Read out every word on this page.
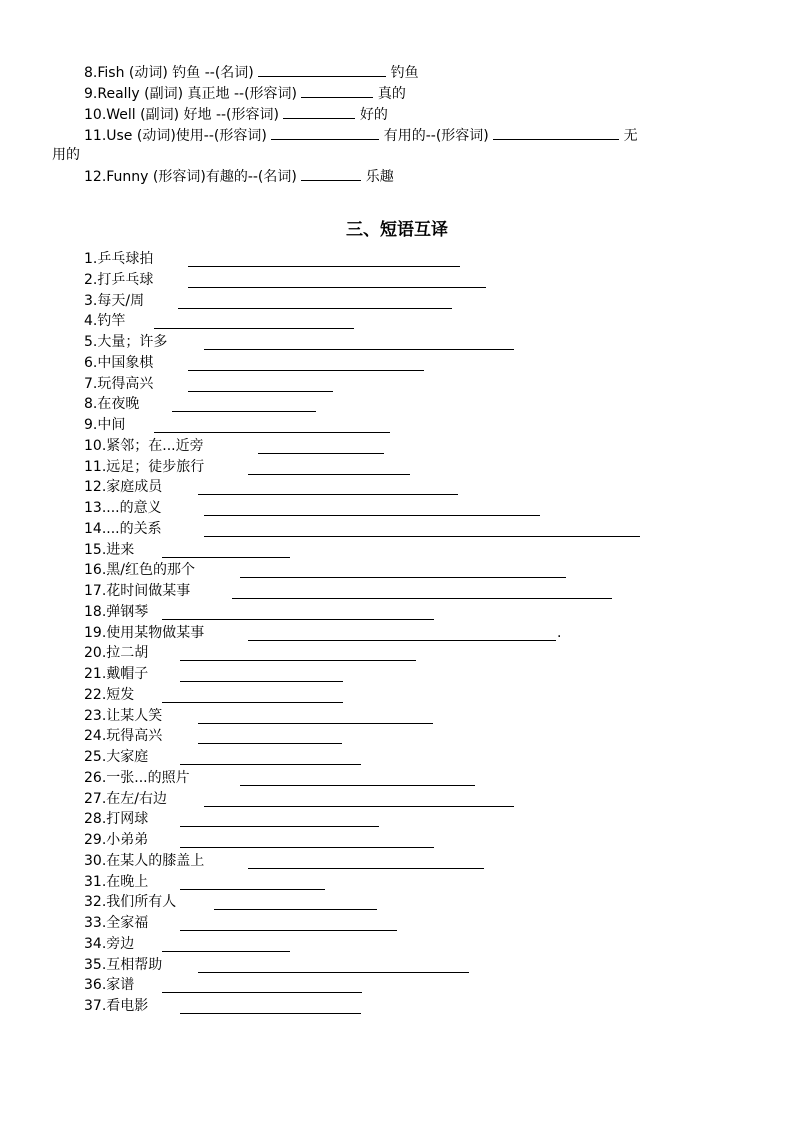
8.Fish (动词) 钓鱼 --(名词)	钓鱼
9.Really (副词) 真正地 --(形容词)	真的
10.Well (副词) 好地 --(形容词)	好的
11.Use (动词)使用--(形容词)	有用的--(形容词)	无
用的
12.Funny (形容词)有趣的--(名词)	乐趣
三、短语互译
1.乒乓球拍
2.打乒乓球
3.每天/周
4.钓竿
5.大量；许多
6.中国象棋
7.玩得高兴
8.在夜晚
9.中间
10.紧邻；在...近旁
11.远足；徒步旅行
12.家庭成员
13....的意义
14....的关系
15.进来
16.黑/红色的那个
17.花时间做某事
18.弹钢琴
19.使用某物做某事	.
20.拉二胡
21.戴帽子
22.短发
23.让某人笑
24.玩得高兴
25.大家庭
26.一张...的照片
27.在左/右边
28.打网球
29.小弟弟
30.在某人的膝盖上
31.在晚上
32.我们所有人
33.全家福
34.旁边
35.互相帮助
36.家谱
37.看电影
